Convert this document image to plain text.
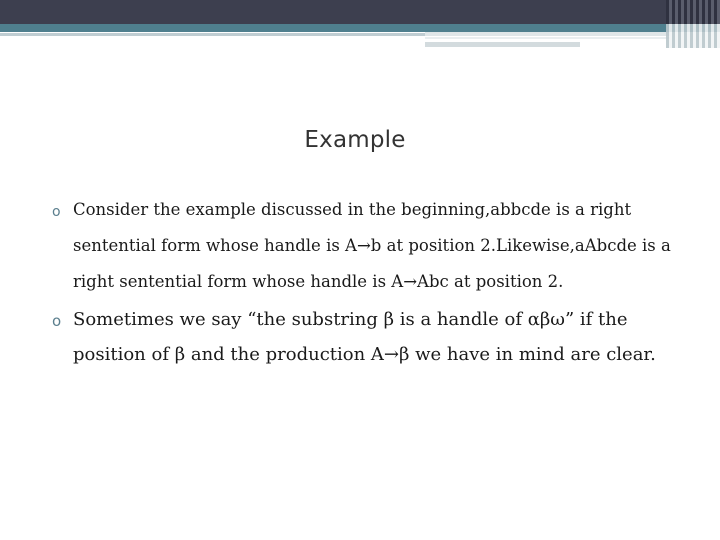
Example
o Consider the example discussed in the beginning,abbcde is a right sentential form whose handle is A→b at position 2.Likewise,aAbcde is a right sentential form whose handle is A→Abc at position 2.
o Sometimes we say “the substring β is a handle of αβω” if the position of β and the production A→β we have in mind are clear.
